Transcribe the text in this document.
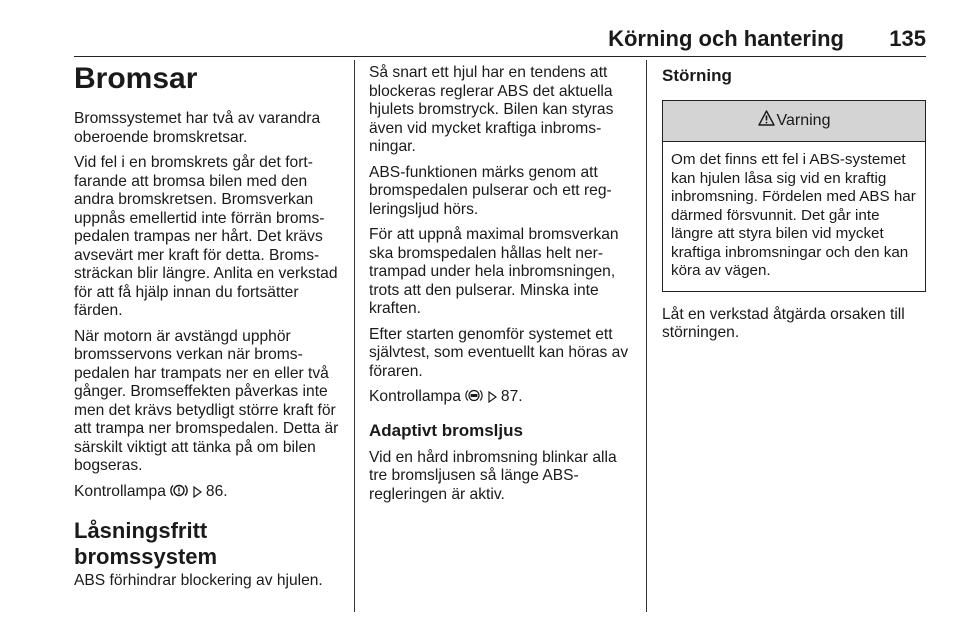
Körning och hantering 135
Bromsar

Bromssystemet har två av varandra oberoende bromskretsar.

Vid fel i en bromskrets går det fortfarande att bromsa bilen med den andra bromskretsen. Bromsverkan uppnås emellertid inte förrän bromspedalen trampas ner hårt. Det krävs avsevärt mer kraft för detta. Bromssträckan blir längre. Anlita en verkstad för att få hjälp innan du fortsätter färden.

När motorn är avstängd upphör bromsservons verkan när bromspedalen har trampats ner en eller två gånger. Bromseffekten påverkas inte men det krävs betydligt större kraft för att trampa ner bromspedalen. Detta är särskilt viktigt att tänka på om bilen bogseras.

Kontrollampa	86.

Låsningsfritt bromssystem

ABS förhindrar blockering av hjulen.

Så snart ett hjul har en tendens att blockeras reglerar ABS det aktuella hjulets bromstryck. Bilen kan styras även vid mycket kraftiga inbromsningar.

ABS-funktionen märks genom att bromspedalen pulserar och ett regleringsljud hörs.

För att uppnå maximal bromsverkan ska bromspedalen hållas helt nertrampad under hela inbromsningen, trots att den pulserar. Minska inte kraften.

Efter starten genomför systemet ett självtest, som eventuellt kan höras av föraren.

Kontrollampa	87.

Adaptivt bromsljus

Vid en hård inbromsning blinkar alla tre bromsljusen så länge ABS-regleringen är aktiv.

Störning
Varning
Om det finns ett fel i ABS-systemet kan hjulen låsa sig vid en kraftig inbromsning. Fördelen med ABS har därmed försvunnit. Det går inte längre att styra bilen vid mycket kraftiga inbromsningar och den kan köra av vägen.

Låt en verkstad åtgärda orsaken till störningen.
